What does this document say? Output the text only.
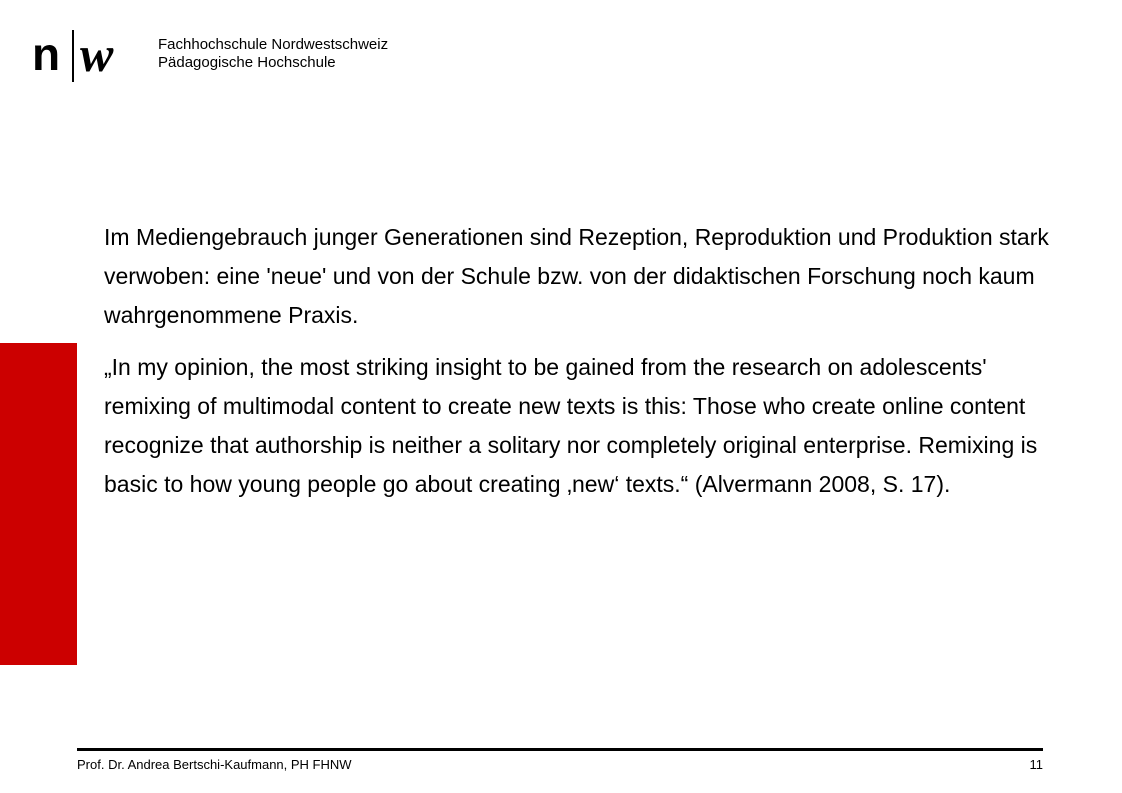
n w	Fachhochschule Nordwestschweiz
Pädagogische Hochschule

Im Mediengebrauch junger Generationen sind Rezeption, Reproduktion und Produktion stark verwoben: eine 'neue' und von der Schule bzw. von der didaktischen Forschung noch kaum wahrgenommene Praxis.

„In my opinion, the most striking insight to be gained from the research on adolescents' remixing of multimodal content to create new texts is this: Those who create online content recognize that authorship is neither a solitary nor completely original enterprise. Remixing is basic to how young people go about creating ‚new‘ texts.“ (Alvermann 2008, S. 17).

Prof. Dr. Andrea Bertschi-Kaufmann, PH FHNW	11
